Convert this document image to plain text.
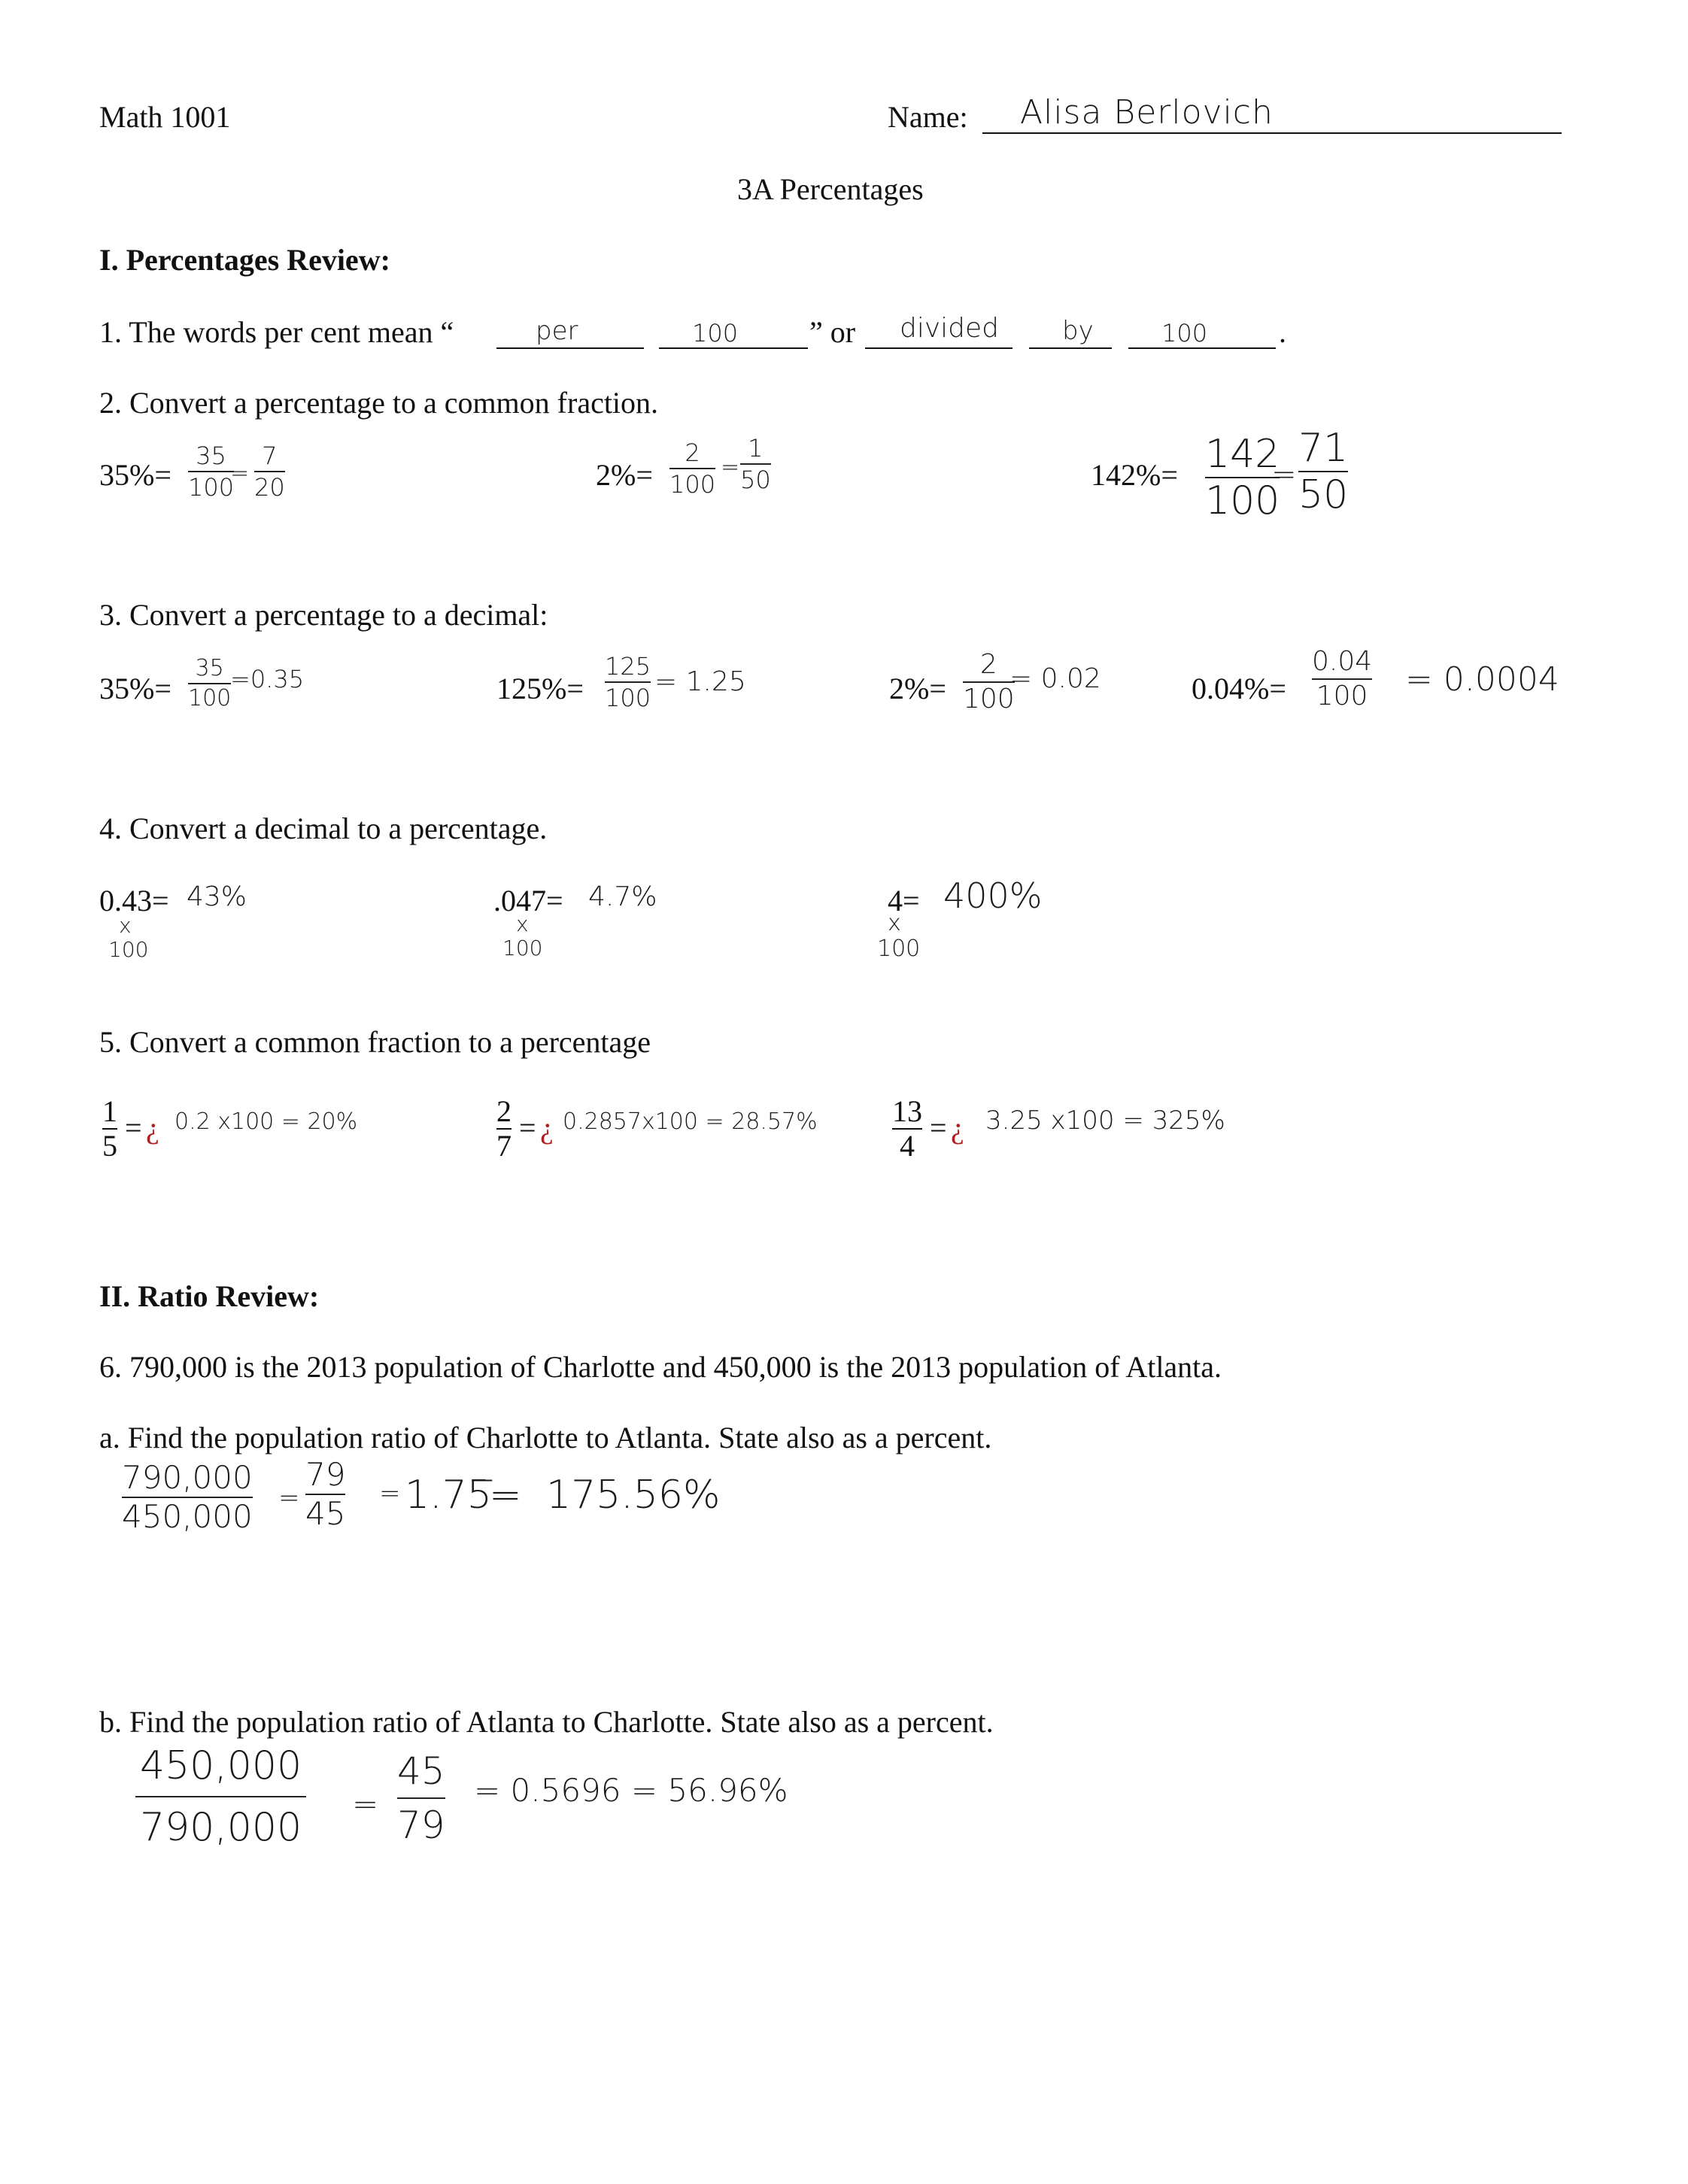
Math 1001	Name: Alisa Berlovich
3A Percentages
I. Percentages Review:
1. The words per cent mean “	per	100 ” or divided by	100 .
2. Convert a percentage to a common fraction.
35%=
35
100
=
7
20	2%=
2
100
=
1
50	142%= 142
100
=
71
50
3. Convert a percentage to a decimal:
35%=
35
100
=0.35	125%=
125
100
= 1.25	2%=
2
100
= 0.02	0.04%=
0.04
100 = 0.0004
4. Convert a decimal to a percentage.
0.43= 43%
x
100
.047= 4.7%
x
100
4= 400%
x
100
5. Convert a common fraction to a percentage
1
5
= ¿ 0.2 x100 = 20%	2
7
= ¿ 0.2857x100 = 28.57% 13
4
= ¿ 3.25 x100 = 325%
II. Ratio Review:
6. 790,000 is the 2013 population of Charlotte and 450,000 is the 2013 population of Atlanta.
a. Find the population ratio of Charlotte to Atlanta. State also as a percent.
790,000
450,000 =
79
45
= 1.75̅
= 175.56%
b. Find the population ratio of Atlanta to Charlotte. State also as a percent.
450,000
790,000
=
45
79
= 0.5696 = 56.96%
